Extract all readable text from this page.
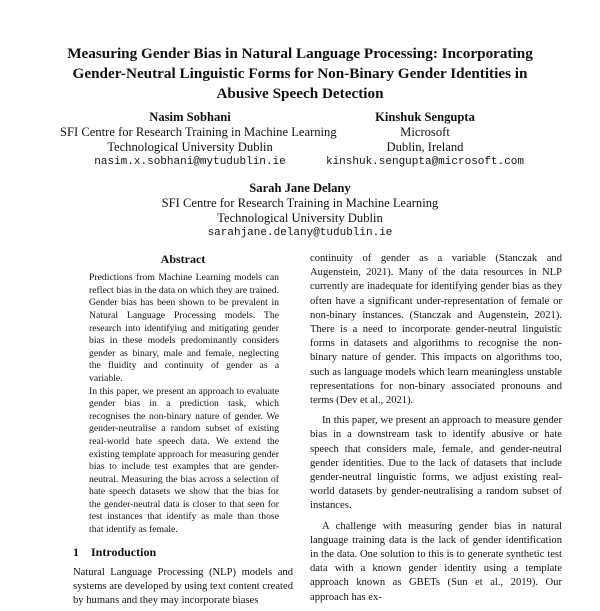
Measuring Gender Bias in Natural Language Processing: Incorporating
Gender-Neutral Linguistic Forms for Non-Binary Gender Identities in
Abusive Speech Detection
Nasim Sobhani
SFI Centre for Research Training in Machine Learning
Technological University Dublin
nasim.x.sobhani@mytudublin.ie
Kinshuk Sengupta
Microsoft
Dublin, Ireland
kinshuk.sengupta@microsoft.com
Sarah Jane Delany
SFI Centre for Research Training in Machine Learning
Technological University Dublin
sarahjane.delany@tudublin.ie
Abstract

Predictions from Machine Learning models can reflect bias in the data on which they are trained. Gender bias has been shown to be prevalent in Natural Language Processing models. The research into identifying and mitigating gender bias in these models predominantly considers gender as binary, male and female, neglecting the fluidity and continuity of gender as a variable.

In this paper, we present an approach to evaluate gender bias in a prediction task, which recognises the non-binary nature of gender. We gender-neutralise a random subset of existing real-world hate speech data. We extend the existing template approach for measuring gender bias to include test examples that are gender-neutral. Measuring the bias across a selection of hate speech datasets we show that the bias for the gender-neutral data is closer to that seen for test instances that identify as male than those that identify as female.

1 Introduction

Natural Language Processing (NLP) models and systems are developed by using text content created by humans and they may incorporate biases

continuity of gender as a variable (Stanczak and Augenstein, 2021). Many of the data resources in NLP currently are inadequate for identifying gender bias as they often have a significant under-representation of female or non-binary instances. (Stanczak and Augenstein, 2021). There is a need to incorporate gender-neutral linguistic forms in datasets and algorithms to recognise the non-binary nature of gender. This impacts on algorithms too, such as language models which learn meaningless unstable representations for non-binary associated pronouns and terms (Dev et al., 2021).

In this paper, we present an approach to measure gender bias in a downstream task to identify abusive or hate speech that considers male, female, and gender-neutral gender identities. Due to the lack of datasets that include gender-neutral linguistic forms, we adjust existing real-world datasets by gender-neutralising a random subset of instances.

A challenge with measuring gender bias in natural language training data is the lack of gender identification in the data. One solution to this is to generate synthetic test data with a known gender identity using a template approach known as GBETs (Sun et al., 2019). Our approach has ex-
